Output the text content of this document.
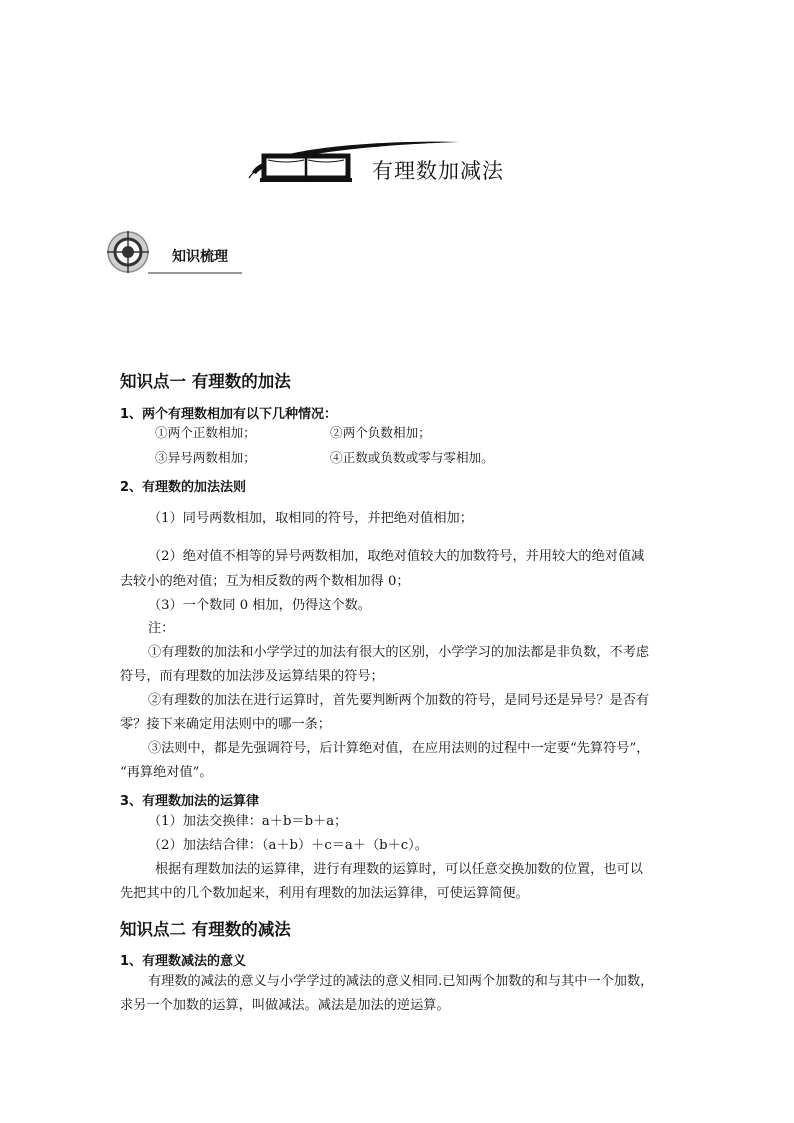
有理数加减法
知识梳理
知识点一 有理数的加法
1、两个有理数相加有以下几种情况：
①两个正数相加；	②两个负数相加；
③异号两数相加；	④正数或负数或零与零相加。
2、有理数的加法法则
（1）同号两数相加，取相同的符号，并把绝对值相加；
（2）绝对值不相等的异号两数相加，取绝对值较大的加数符号，并用较大的绝对值减
去较小的绝对值；互为相反数的两个数相加得 0；
（3）一个数同 0 相加，仍得这个数。
注：
①有理数的加法和小学学过的加法有很大的区别，小学学习的加法都是非负数，不考虑
符号，而有理数的加法涉及运算结果的符号；
②有理数的加法在进行运算时，首先要判断两个加数的符号，是同号还是异号？是否有
零？接下来确定用法则中的哪一条；
③法则中，都是先强调符号，后计算绝对值，在应用法则的过程中一定要“先算符号”，
“再算绝对值”。
3、有理数加法的运算律
（1）加法交换律：a＋b＝b＋a；
（2）加法结合律：（a＋b）＋c＝a＋（b＋c）。
根据有理数加法的运算律，进行有理数的运算时，可以任意交换加数的位置，也可以
先把其中的几个数加起来，利用有理数的加法运算律，可使运算简便。
知识点二 有理数的减法
1、有理数减法的意义
有理数的减法的意义与小学学过的减法的意义相同.已知两个加数的和与其中一个加数，
求另一个加数的运算，叫做减法。减法是加法的逆运算。
